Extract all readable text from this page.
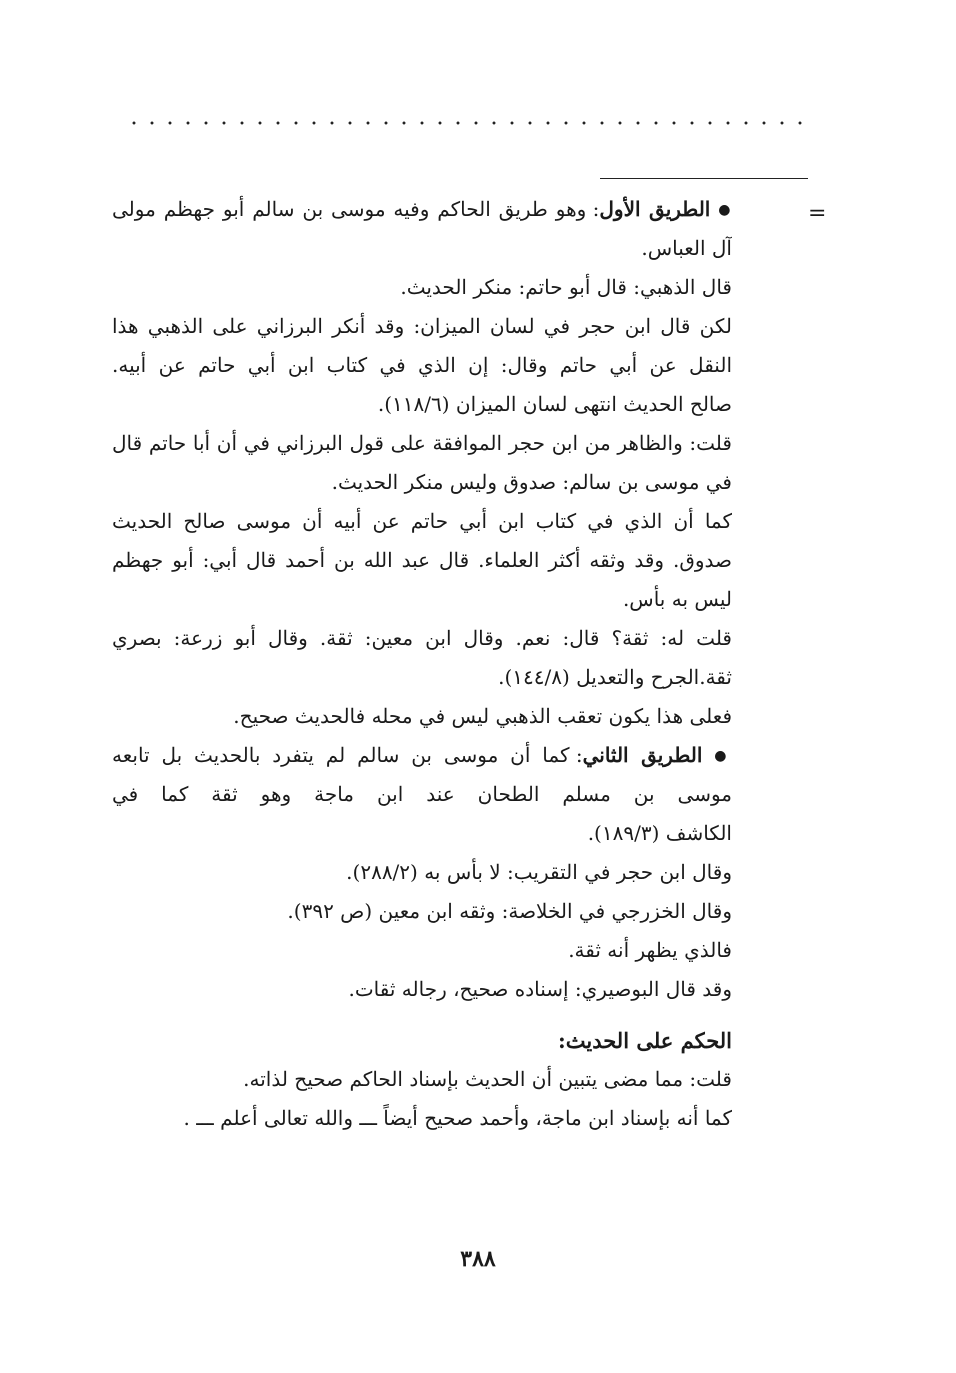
=
● الطريق الأول: وهو طريق الحاكم وفيه موسى بن سالم أبو جهظم مولى
آل العباس.
قال الذهبي: قال أبو حاتم: منكر الحديث.
لكن قال ابن حجر في لسان الميزان: وقد أنكر البرزاني على الذهبي هذا
النقل عن أبي حاتم وقال: إن الذي في كتاب ابن أبي حاتم عن أبيه.
صالح الحديث انتهى لسان الميزان (١١٨/٦).
قلت: والظاهر من ابن حجر الموافقة على قول البرزاني في أن أبا حاتم قال
في موسى بن سالم: صدوق وليس منكر الحديث.
كما أن الذي في كتاب ابن أبي حاتم عن أبيه أن موسى صالح الحديث
صدوق. وقد وثقه أكثر العلماء. قال عبد الله بن أحمد قال أبي: أبو جهظم
ليس به بأس.
قلت له: ثقة؟ قال: نعم. وقال ابن معين: ثقة. وقال أبو زرعة: بصري
ثقة.الجرح والتعديل (١٤٤/٨).
فعلى هذا يكون تعقب الذهبي ليس في محله فالحديث صحيح.
● الطريق الثاني: كما أن موسى بن سالم لم يتفرد بالحديث بل تابعه
موسى بن مسلم الطحان عند ابن ماجة وهو ثقة كما في
الكاشف (١٨٩/٣).
وقال ابن حجر في التقريب: لا بأس به (٢٨٨/٢).
وقال الخزرجي في الخلاصة: وثقه ابن معين (ص ٣٩٢).
فالذي يظهر أنه ثقة.
وقد قال البوصيري: إسناده صحيح، رجاله ثقات.
الحكم على الحديث:
قلت: مما مضى يتبين أن الحديث بإسناد الحاكم صحيح لذاته.
كما أنه بإسناد ابن ماجة، وأحمد صحيح أيضاً ـــ والله تعالى أعلم ـــ .
٣٨٨
